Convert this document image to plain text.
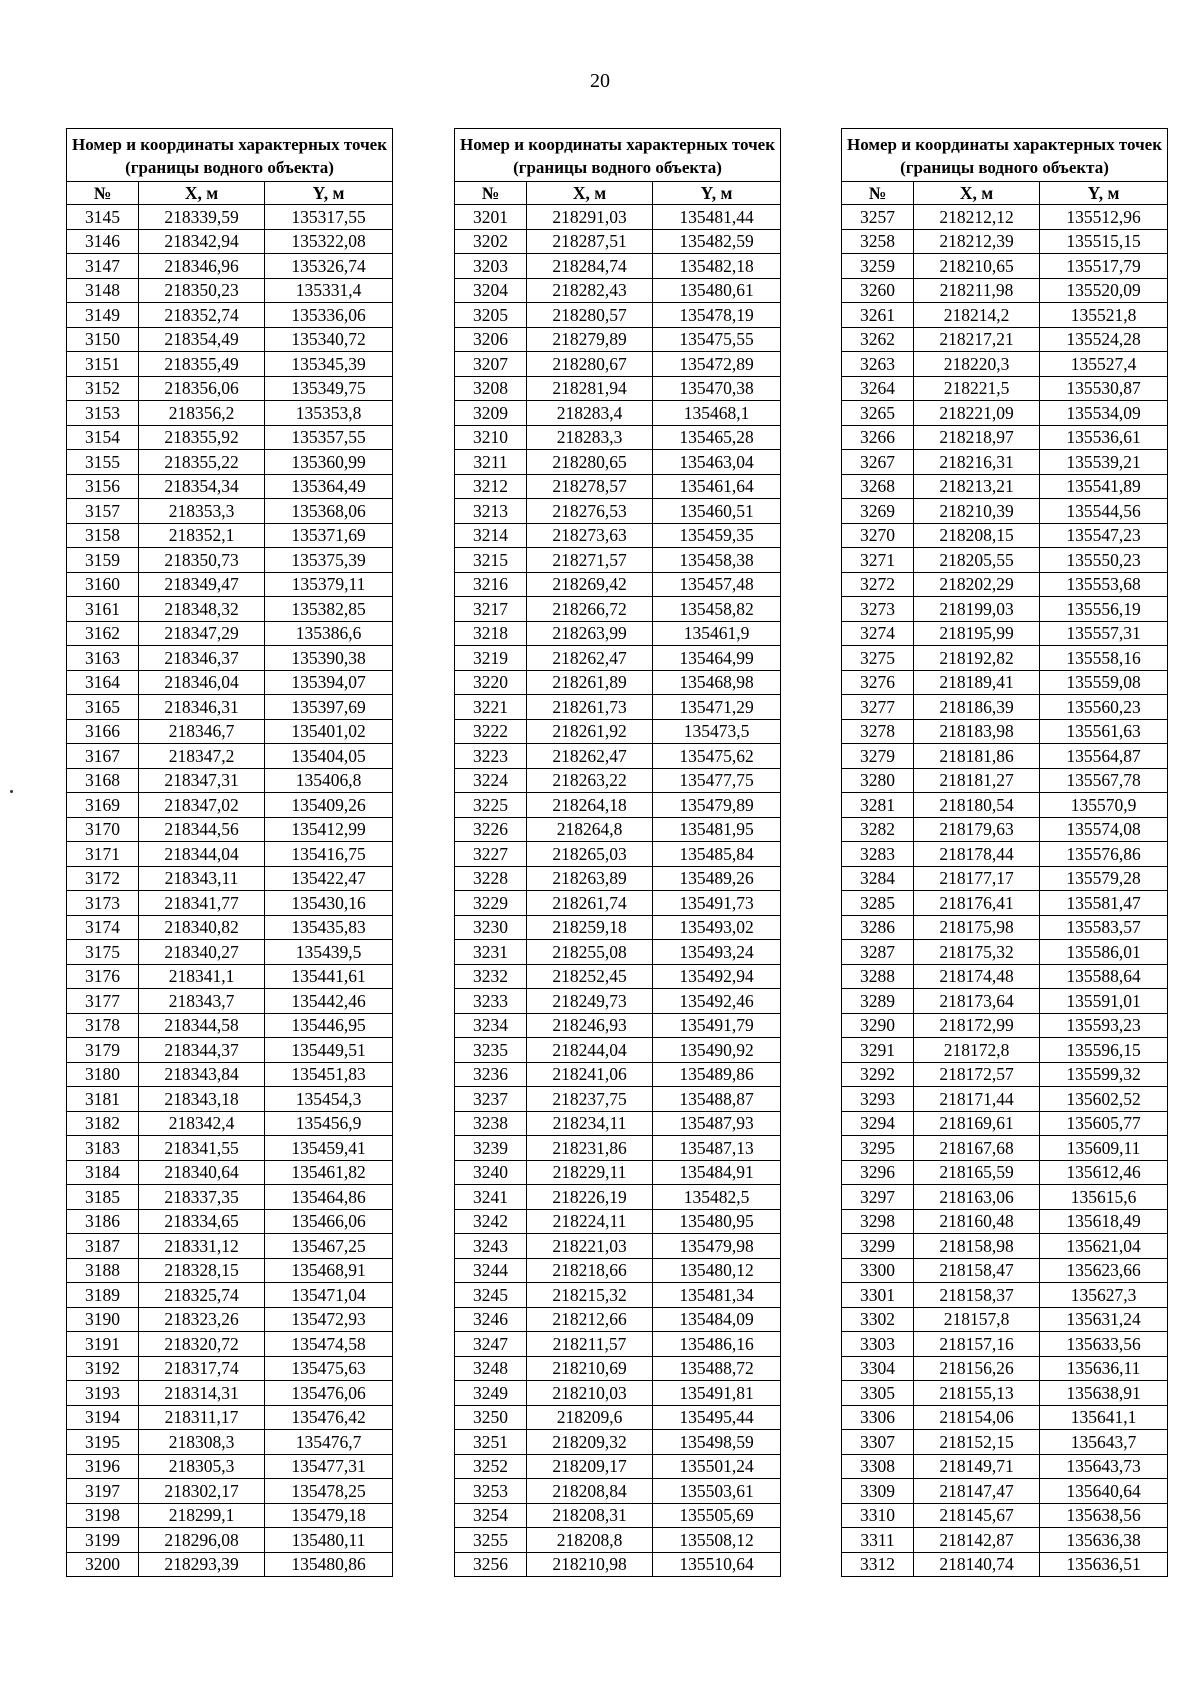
20
Номер и координаты характерных точек (границы водного объекта)		
№	X, м	Y, м
3145	218339,59	135317,55
3146	218342,94	135322,08
3147	218346,96	135326,74
3148	218350,23	135331,4
3149	218352,74	135336,06
3150	218354,49	135340,72
3151	218355,49	135345,39
3152	218356,06	135349,75
3153	218356,2	135353,8
3154	218355,92	135357,55
3155	218355,22	135360,99
3156	218354,34	135364,49
3157	218353,3	135368,06
3158	218352,1	135371,69
3159	218350,73	135375,39
3160	218349,47	135379,11
3161	218348,32	135382,85
3162	218347,29	135386,6
3163	218346,37	135390,38
3164	218346,04	135394,07
3165	218346,31	135397,69
3166	218346,7	135401,02
3167	218347,2	135404,05
3168	218347,31	135406,8
3169	218347,02	135409,26
3170	218344,56	135412,99
3171	218344,04	135416,75
3172	218343,11	135422,47
3173	218341,77	135430,16
3174	218340,82	135435,83
3175	218340,27	135439,5
3176	218341,1	135441,61
3177	218343,7	135442,46
3178	218344,58	135446,95
3179	218344,37	135449,51
3180	218343,84	135451,83
3181	218343,18	135454,3
3182	218342,4	135456,9
3183	218341,55	135459,41
3184	218340,64	135461,82
3185	218337,35	135464,86
3186	218334,65	135466,06
3187	218331,12	135467,25
3188	218328,15	135468,91
3189	218325,74	135471,04
3190	218323,26	135472,93
3191	218320,72	135474,58
3192	218317,74	135475,63
3193	218314,31	135476,06
3194	218311,17	135476,42
3195	218308,3	135476,7
3196	218305,3	135477,31
3197	218302,17	135478,25
3198	218299,1	135479,18
3199	218296,08	135480,11
3200	218293,39	135480,86
Номер и координаты характерных точек (границы водного объекта)		
№	X, м	Y, м
3201	218291,03	135481,44
3202	218287,51	135482,59
3203	218284,74	135482,18
3204	218282,43	135480,61
3205	218280,57	135478,19
3206	218279,89	135475,55
3207	218280,67	135472,89
3208	218281,94	135470,38
3209	218283,4	135468,1
3210	218283,3	135465,28
3211	218280,65	135463,04
3212	218278,57	135461,64
3213	218276,53	135460,51
3214	218273,63	135459,35
3215	218271,57	135458,38
3216	218269,42	135457,48
3217	218266,72	135458,82
3218	218263,99	135461,9
3219	218262,47	135464,99
3220	218261,89	135468,98
3221	218261,73	135471,29
3222	218261,92	135473,5
3223	218262,47	135475,62
3224	218263,22	135477,75
3225	218264,18	135479,89
3226	218264,8	135481,95
3227	218265,03	135485,84
3228	218263,89	135489,26
3229	218261,74	135491,73
3230	218259,18	135493,02
3231	218255,08	135493,24
3232	218252,45	135492,94
3233	218249,73	135492,46
3234	218246,93	135491,79
3235	218244,04	135490,92
3236	218241,06	135489,86
3237	218237,75	135488,87
3238	218234,11	135487,93
3239	218231,86	135487,13
3240	218229,11	135484,91
3241	218226,19	135482,5
3242	218224,11	135480,95
3243	218221,03	135479,98
3244	218218,66	135480,12
3245	218215,32	135481,34
3246	218212,66	135484,09
3247	218211,57	135486,16
3248	218210,69	135488,72
3249	218210,03	135491,81
3250	218209,6	135495,44
3251	218209,32	135498,59
3252	218209,17	135501,24
3253	218208,84	135503,61
3254	218208,31	135505,69
3255	218208,8	135508,12
3256	218210,98	135510,64
Номер и координаты характерных точек (границы водного объекта)		
№	X, м	Y, м
3257	218212,12	135512,96
3258	218212,39	135515,15
3259	218210,65	135517,79
3260	218211,98	135520,09
3261	218214,2	135521,8
3262	218217,21	135524,28
3263	218220,3	135527,4
3264	218221,5	135530,87
3265	218221,09	135534,09
3266	218218,97	135536,61
3267	218216,31	135539,21
3268	218213,21	135541,89
3269	218210,39	135544,56
3270	218208,15	135547,23
3271	218205,55	135550,23
3272	218202,29	135553,68
3273	218199,03	135556,19
3274	218195,99	135557,31
3275	218192,82	135558,16
3276	218189,41	135559,08
3277	218186,39	135560,23
3278	218183,98	135561,63
3279	218181,86	135564,87
3280	218181,27	135567,78
3281	218180,54	135570,9
3282	218179,63	135574,08
3283	218178,44	135576,86
3284	218177,17	135579,28
3285	218176,41	135581,47
3286	218175,98	135583,57
3287	218175,32	135586,01
3288	218174,48	135588,64
3289	218173,64	135591,01
3290	218172,99	135593,23
3291	218172,8	135596,15
3292	218172,57	135599,32
3293	218171,44	135602,52
3294	218169,61	135605,77
3295	218167,68	135609,11
3296	218165,59	135612,46
3297	218163,06	135615,6
3298	218160,48	135618,49
3299	218158,98	135621,04
3300	218158,47	135623,66
3301	218158,37	135627,3
3302	218157,8	135631,24
3303	218157,16	135633,56
3304	218156,26	135636,11
3305	218155,13	135638,91
3306	218154,06	135641,1
3307	218152,15	135643,7
3308	218149,71	135643,73
3309	218147,47	135640,64
3310	218145,67	135638,56
3311	218142,87	135636,38
3312	218140,74	135636,51
